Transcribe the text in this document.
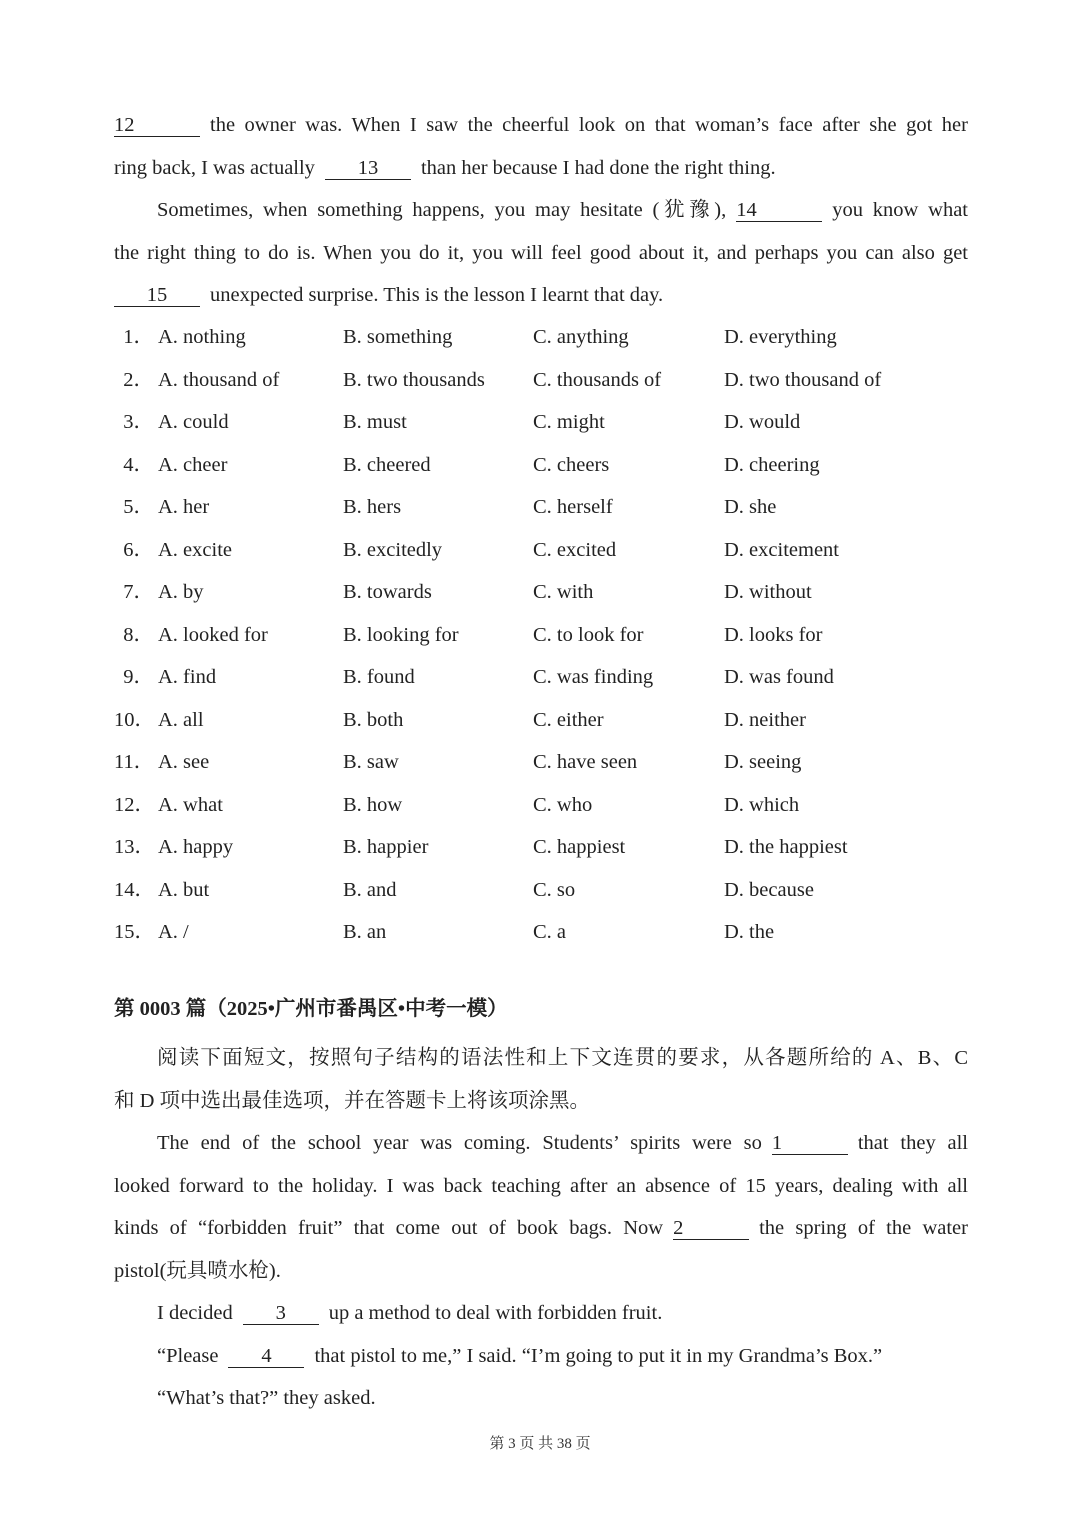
12	the owner was. When I saw the cheerful look on that woman’s face after she got her
ring back, I was actually 13 than her because I had done the right thing.
Sometimes, when something happens, you may hesitate (犹豫), 14	you know what
the right thing to do is. When you do it, you will feel good about it, and perhaps you can also get
15 unexpected surprise. This is the lesson I learnt that day.
1． A. nothing	B. something	C. anything	D. everything
2． A. thousand of	B. two thousands C. thousands of	D. two thousand of
3． A. could	B. must	C. might	D. would
4． A. cheer	B. cheered	C. cheers	D. cheering
5． A. her	B. hers	C. herself	D. she
6． A. excite	B. excitedly	C. excited	D. excitement
7． A. by	B. towards	C. with	D. without
8． A. looked for	B. looking for	C. to look for	D. looks for
9． A. find	B. found	C. was finding	D. was found
10． A. all	B. both	C. either	D. neither
11． A. see	B. saw	C. have seen	D. seeing
12． A. what	B. how	C. who	D. which
13． A. happy	B. happier	C. happiest	D. the happiest
14． A. but	B. and	C. so	D. because
15． A. /	B. an	C. a	D. the
第 0003 篇（2025•广州市番禺区•中考一模）
阅读下面短文，按照句子结构的语法性和上下文连贯的要求，从各题所给的 A、B、C
和 D 项中选出最佳选项，并在答题卡上将该项涂黑。
The end of the school year was coming. Students’ spirits were so 1	that they all
looked forward to the holiday. I was back teaching after an absence of 15 years, dealing with all
kinds of “forbidden fruit” that come out of book bags. Now 2	the spring of the water
pistol(玩具喷水枪).
I decided 3 up a method to deal with forbidden fruit.
“Please 4 that pistol to me,” I said. “I’m going to put it in my Grandma’s Box.”
“What’s that?” they asked.
第 3 页 共 38 页
